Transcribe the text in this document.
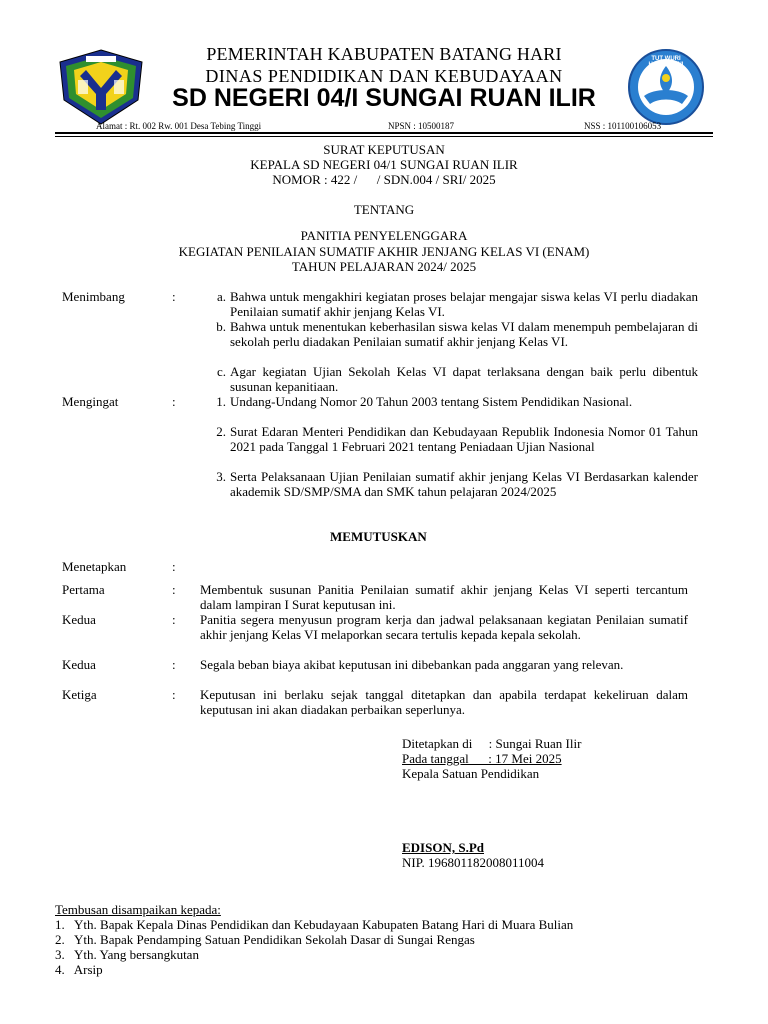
TUT WURI HANDAYANI
PEMERINTAH KABUPATEN BATANG HARI
DINAS PENDIDIKAN DAN KEBUDAYAAN
SD NEGERI 04/I SUNGAI RUAN ILIR
Alamat : Rt. 002 Rw. 001 Desa Tebing Tinggi	NPSN : 10500187	NSS : 101100106053
SURAT KEPUTUSAN
KEPALA SD NEGERI 04/1 SUNGAI RUAN ILIR
NOMOR : 422 /      / SDN.004 / SRI/ 2025
TENTANG
PANITIA PENYELENGGARA
KEGIATAN PENILAIAN SUMATIF AKHIR JENJANG KELAS VI (ENAM)
TAHUN PELAJARAN 2024/ 2025
Menimbang	:	a. Bahwa untuk mengakhiri kegiatan proses belajar mengajar siswa kelas VI perlu diadakan Penilaian sumatif akhir jenjang Kelas VI.
b. Bahwa untuk menentukan keberhasilan siswa kelas VI dalam menempuh pembelajaran di sekolah perlu diadakan Penilaian sumatif akhir jenjang Kelas VI.
c. Agar kegiatan Ujian Sekolah Kelas VI dapat terlaksana dengan baik perlu dibentuk susunan kepanitiaan.
Mengingat	:	1. Undang-Undang Nomor 20 Tahun 2003 tentang Sistem Pendidikan Nasional.
2. Surat Edaran Menteri Pendidikan dan Kebudayaan Republik Indonesia Nomor 01 Tahun 2021 pada Tanggal 1 Februari 2021 tentang Peniadaan Ujian Nasional
3. Serta Pelaksanaan Ujian Penilaian sumatif akhir jenjang Kelas VI Berdasarkan kalender akademik SD/SMP/SMA dan SMK tahun pelajaran 2024/2025
MEMUTUSKAN
Menetapkan	:
Pertama	: Membentuk susunan Panitia Penilaian sumatif akhir jenjang Kelas VI seperti tercantum dalam lampiran I Surat keputusan ini.
Kedua	: Panitia segera menyusun program kerja dan jadwal pelaksanaan kegiatan Penilaian sumatif akhir jenjang Kelas VI melaporkan secara tertulis kepada kepala sekolah.
Kedua	: Segala beban biaya akibat keputusan ini dibebankan pada anggaran yang relevan.
Ketiga	: Keputusan ini berlaku sejak tanggal ditetapkan dan apabila terdapat kekeliruan dalam keputusan ini akan diadakan perbaikan seperlunya.
Ditetapkan di     : Sungai Ruan Ilir
Pada tanggal      : 17 Mei 2025
Kepala Satuan Pendidikan
EDISON, S.Pd
NIP. 196801182008011004
Tembusan disampaikan kepada:
1.   Yth. Bapak Kepala Dinas Pendidikan dan Kebudayaan Kabupaten Batang Hari di Muara Bulian
2.   Yth. Bapak Pendamping Satuan Pendidikan Sekolah Dasar di Sungai Rengas
3.   Yth. Yang bersangkutan
4.   Arsip
